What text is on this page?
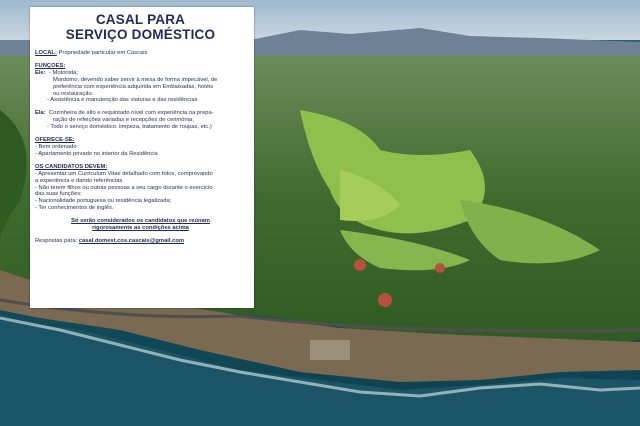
CASAL PARA
SERVIÇO DOMÉSTICO
LOCAL: Propriedade particular em Cascais
FUNÇÕES:
Ele: - Motorista;
Mordomo, devendo saber servir à mesa de forma impecável, de
preferência com experiência adquirida em Embaixadas, hotéis
ou restauração.
- Assistência e manutenção das viaturas e das residências
Ela: Cozinheira de alto e requintado nível com experiência na prepa-
ração de refeições variadas e recepções de cerimónia;
- Todo o serviço doméstico: limpeza, tratamento de roupas, etc.)
OFERECE-SE:
- Bem ordenado
- Apartamento privado no interior da Residência
OS CANDIDATOS DEVEM:
- Apresentar um Curriculum Vitae detalhado com fotos, comprovando
a experiência e dando referências
- Não terem filhos ou outras pessoas a seu cargo durante o exercício
das suas funções;
- Nacionalidade portuguesa ou residência legalizada;
- Ter conhecimentos de inglês.
Só serão considerados os candidatos que reúnam
rigorosamente as condições acima
Respostas para: casal.domest.cos.cascais@gmail.com
